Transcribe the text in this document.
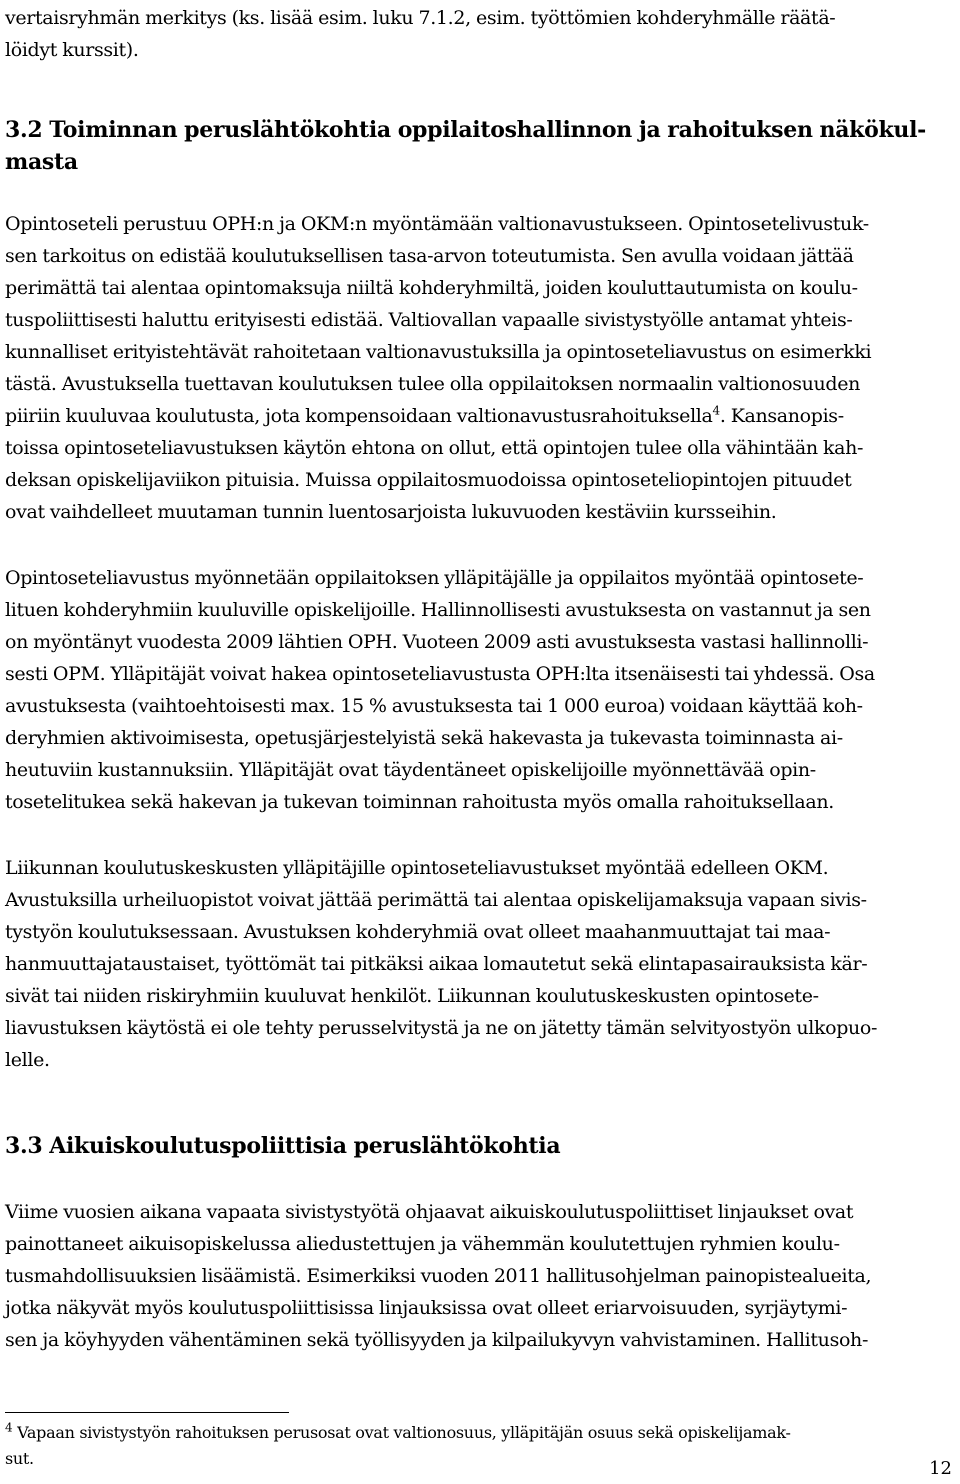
vertaisryhmän merkitys (ks. lisää esim. luku 7.1.2, esim. työttömien kohderyhmälle räätä-
löidyt kurssit).
3.2 Toiminnan peruslähtökohtia oppilaitoshallinnon ja rahoituksen näkökul-
masta
Opintoseteli perustuu OPH:n ja OKM:n myöntämään valtionavustukseen. Opintosetelivustuk-
sen tarkoitus on edistää koulutuksellisen tasa-arvon toteutumista. Sen avulla voidaan jättää
perimättä tai alentaa opintomaksuja niiltä kohderyhmiltä, joiden kouluttautumista on koulu-
tuspoliittisesti haluttu erityisesti edistää. Valtiovallan vapaalle sivistystyölle antamat yhteis-
kunnalliset erityistehtävät rahoitetaan valtionavustuksilla ja opintoseteliavustus on esimerkki
tästä. Avustuksella tuettavan koulutuksen tulee olla oppilaitoksen normaalin valtionosuuden
piiriin kuuluvaa koulutusta, jota kompensoidaan valtionavustusrahoituksella$^4$. Kansanopis-
toissa opintoseteliavustuksen käytön ehtona on ollut, että opintojen tulee olla vähintään kah-
deksan opiskelijaviikon pituisia. Muissa oppilaitosmuodoissa opintoseteliopintojen pituudet
ovat vaihdelleet muutaman tunnin luentosarjoista lukuvuoden kestäviin kursseihin.
Opintoseteliavustus myönnetään oppilaitoksen ylläpitäjälle ja oppilaitos myöntää opintosete-
lituen kohderyhmiin kuuluville opiskelijoille. Hallinnollisesti avustuksesta on vastannut ja sen
on myöntänyt vuodesta 2009 lähtien OPH. Vuoteen 2009 asti avustuksesta vastasi hallinnolli-
sesti OPM. Ylläpitäjät voivat hakea opintoseteliavustusta OPH:lta itsenäisesti tai yhdessä. Osa
avustuksesta (vaihtoehtoisesti max. 15 % avustuksesta tai 1 000 euroa) voidaan käyttää koh-
deryhmien aktivoimisesta, opetusjärjestelyistä sekä hakevasta ja tukevasta toiminnasta ai-
heutuviin kustannuksiin. Ylläpitäjät ovat täydentäneet opiskelijoille myönnettävää opin-
tosetelitukea sekä hakevan ja tukevan toiminnan rahoitusta myös omalla rahoituksellaan.
Liikunnan koulutuskeskusten ylläpitäjille opintoseteliavustukset myöntää edelleen OKM.
Avustuksilla urheiluopistot voivat jättää perimättä tai alentaa opiskelijamaksuja vapaan sivis-
tystyön koulutuksessaan. Avustuksen kohderyhmiä ovat olleet maahanmuuttajat tai maa-
hanmuuttajataustaiset, työttömät tai pitkäksi aikaa lomautetut sekä elintapasairauksista kär-
sivät tai niiden riskiryhmiin kuuluvat henkilöt. Liikunnan koulutuskeskusten opintosete-
liavustuksen käytöstä ei ole tehty perusselvitystä ja ne on jätetty tämän selvityostyön ulkopuo-
lelle.
3.3 Aikuiskoulutuspoliittisia peruslähtökohtia
Viime vuosien aikana vapaata sivistystyötä ohjaavat aikuiskoulutuspoliittiset linjaukset ovat
painottaneet aikuisopiskelussa aliedustettujen ja vähemmän koulutettujen ryhmien koulu-
tusmahdollisuuksien lisäämistä. Esimerkiksi vuoden 2011 hallitusohjelman painopistealueita,
jotka näkyvät myös koulutuspoliittisissa linjauksissa ovat olleet eriarvoisuuden, syrjäytymi-
sen ja köyhyyden vähentäminen sekä työllisyyden ja kilpailukyvyn vahvistaminen. Hallitusoh-
$^4$ Vapaan sivistystyön rahoituksen perusosat ovat valtionosuus, ylläpitäjän osuus sekä opiskelijamak-
sut.	12
